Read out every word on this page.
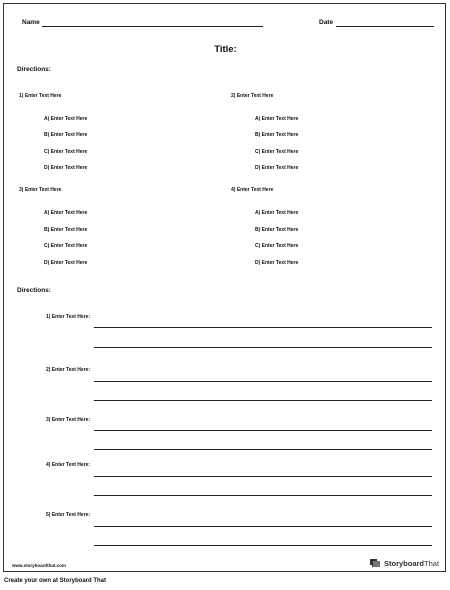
Name	Date
Title:
Directions:
1) Enter Text Here
A) Enter Text Here
B) Enter Text Here
C) Enter Text Here
D) Enter Text Here
2) Enter Text Here
A) Enter Text Here
B) Enter Text Here
C) Enter Text Here
D) Enter Text Here
3) Enter Text Here
A) Enter Text Here
B) Enter Text Here
C) Enter Text Here
D) Enter Text Here
4) Enter Text Here
A) Enter Text Here
B) Enter Text Here
C) Enter Text Here
D) Enter Text Here
Directions:
1) Enter Text Here:
2) Enter Text Here:
3) Enter Text Here:
4) Enter Text Here:
5) Enter Text Here:
www.storyboardthat.com	StoryboardThat
Create your own at Storyboard That
